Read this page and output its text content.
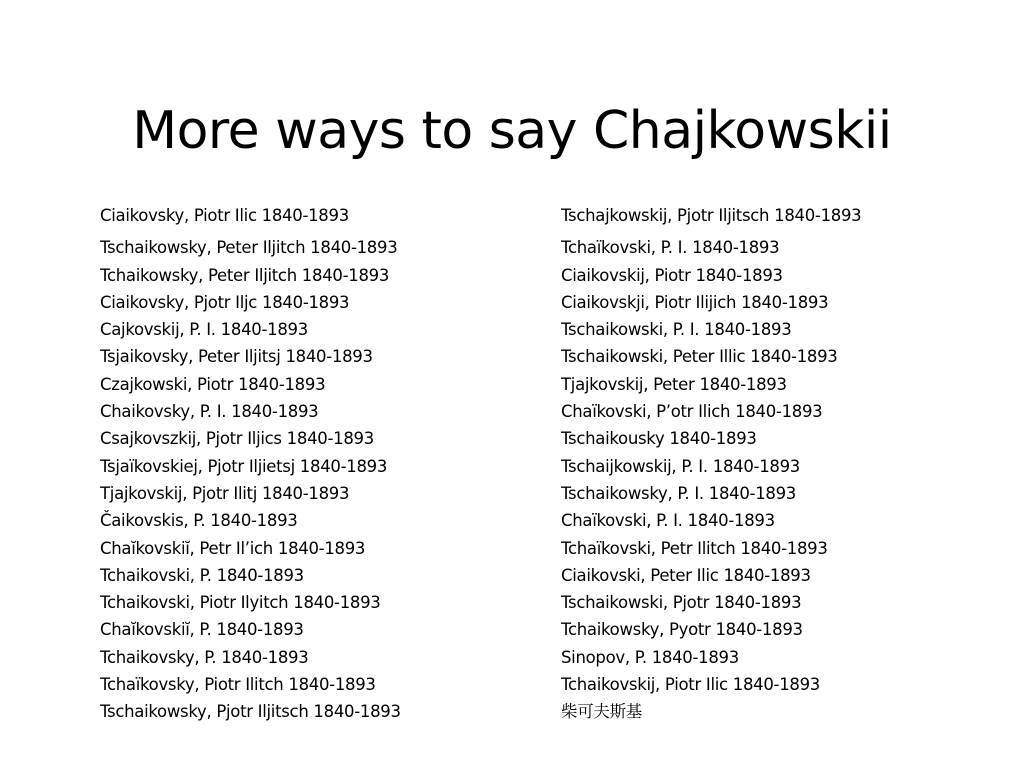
More ways to say Chajkowskii
Ciaikovsky, Piotr Ilic 1840-1893
Tschaikowsky, Peter Iljitch 1840-1893
Tchaikowsky, Peter Iljitch 1840-1893
Ciaikovsky, Pjotr Iljc 1840-1893
Cajkovskij, P. I. 1840-1893
Tsjaikovsky, Peter Iljitsj 1840-1893
Czajkowski, Piotr 1840-1893
Chaikovsky, P. I. 1840-1893
Csajkovszkij, Pjotr Iljics 1840-1893
Tsjaïkovskiej, Pjotr Iljietsj 1840-1893
Tjajkovskij, Pjotr Ilitj 1840-1893
Čaikovskis, P. 1840-1893
Chaĭkovskiĭ, Petr Il’ich 1840-1893
Tchaikovski, P. 1840-1893
Tchaikovski, Piotr Ilyitch 1840-1893
Chaĭkovskiĭ, P. 1840-1893
Tchaikovsky, P. 1840-1893
Tchaïkovsky, Piotr Ilitch 1840-1893
Tschaikowsky, Pjotr Iljitsch 1840-1893
Tschajkowskij, Pjotr Iljitsch 1840-1893
Tchaïkovski, P. I. 1840-1893
Ciaikovskij, Piotr 1840-1893
Ciaikovskji, Piotr Ilijich 1840-1893
Tschaikowski, P. I. 1840-1893
Tschaikowski, Peter Illic 1840-1893
Tjajkovskij, Peter 1840-1893
Chaïkovski, P’otr Ilich 1840-1893
Tschaikousky 1840-1893
Tschaijkowskij, P. I. 1840-1893
Tschaikowsky, P. I. 1840-1893
Chaïkovski, P. I. 1840-1893
Tchaïkovski, Petr Ilitch 1840-1893
Ciaikovski, Peter Ilic 1840-1893
Tschaikowski, Pjotr 1840-1893
Tchaikowsky, Pyotr 1840-1893
Sinopov, P. 1840-1893
Tchaikovskij, Piotr Ilic 1840-1893
柴可夫斯基
